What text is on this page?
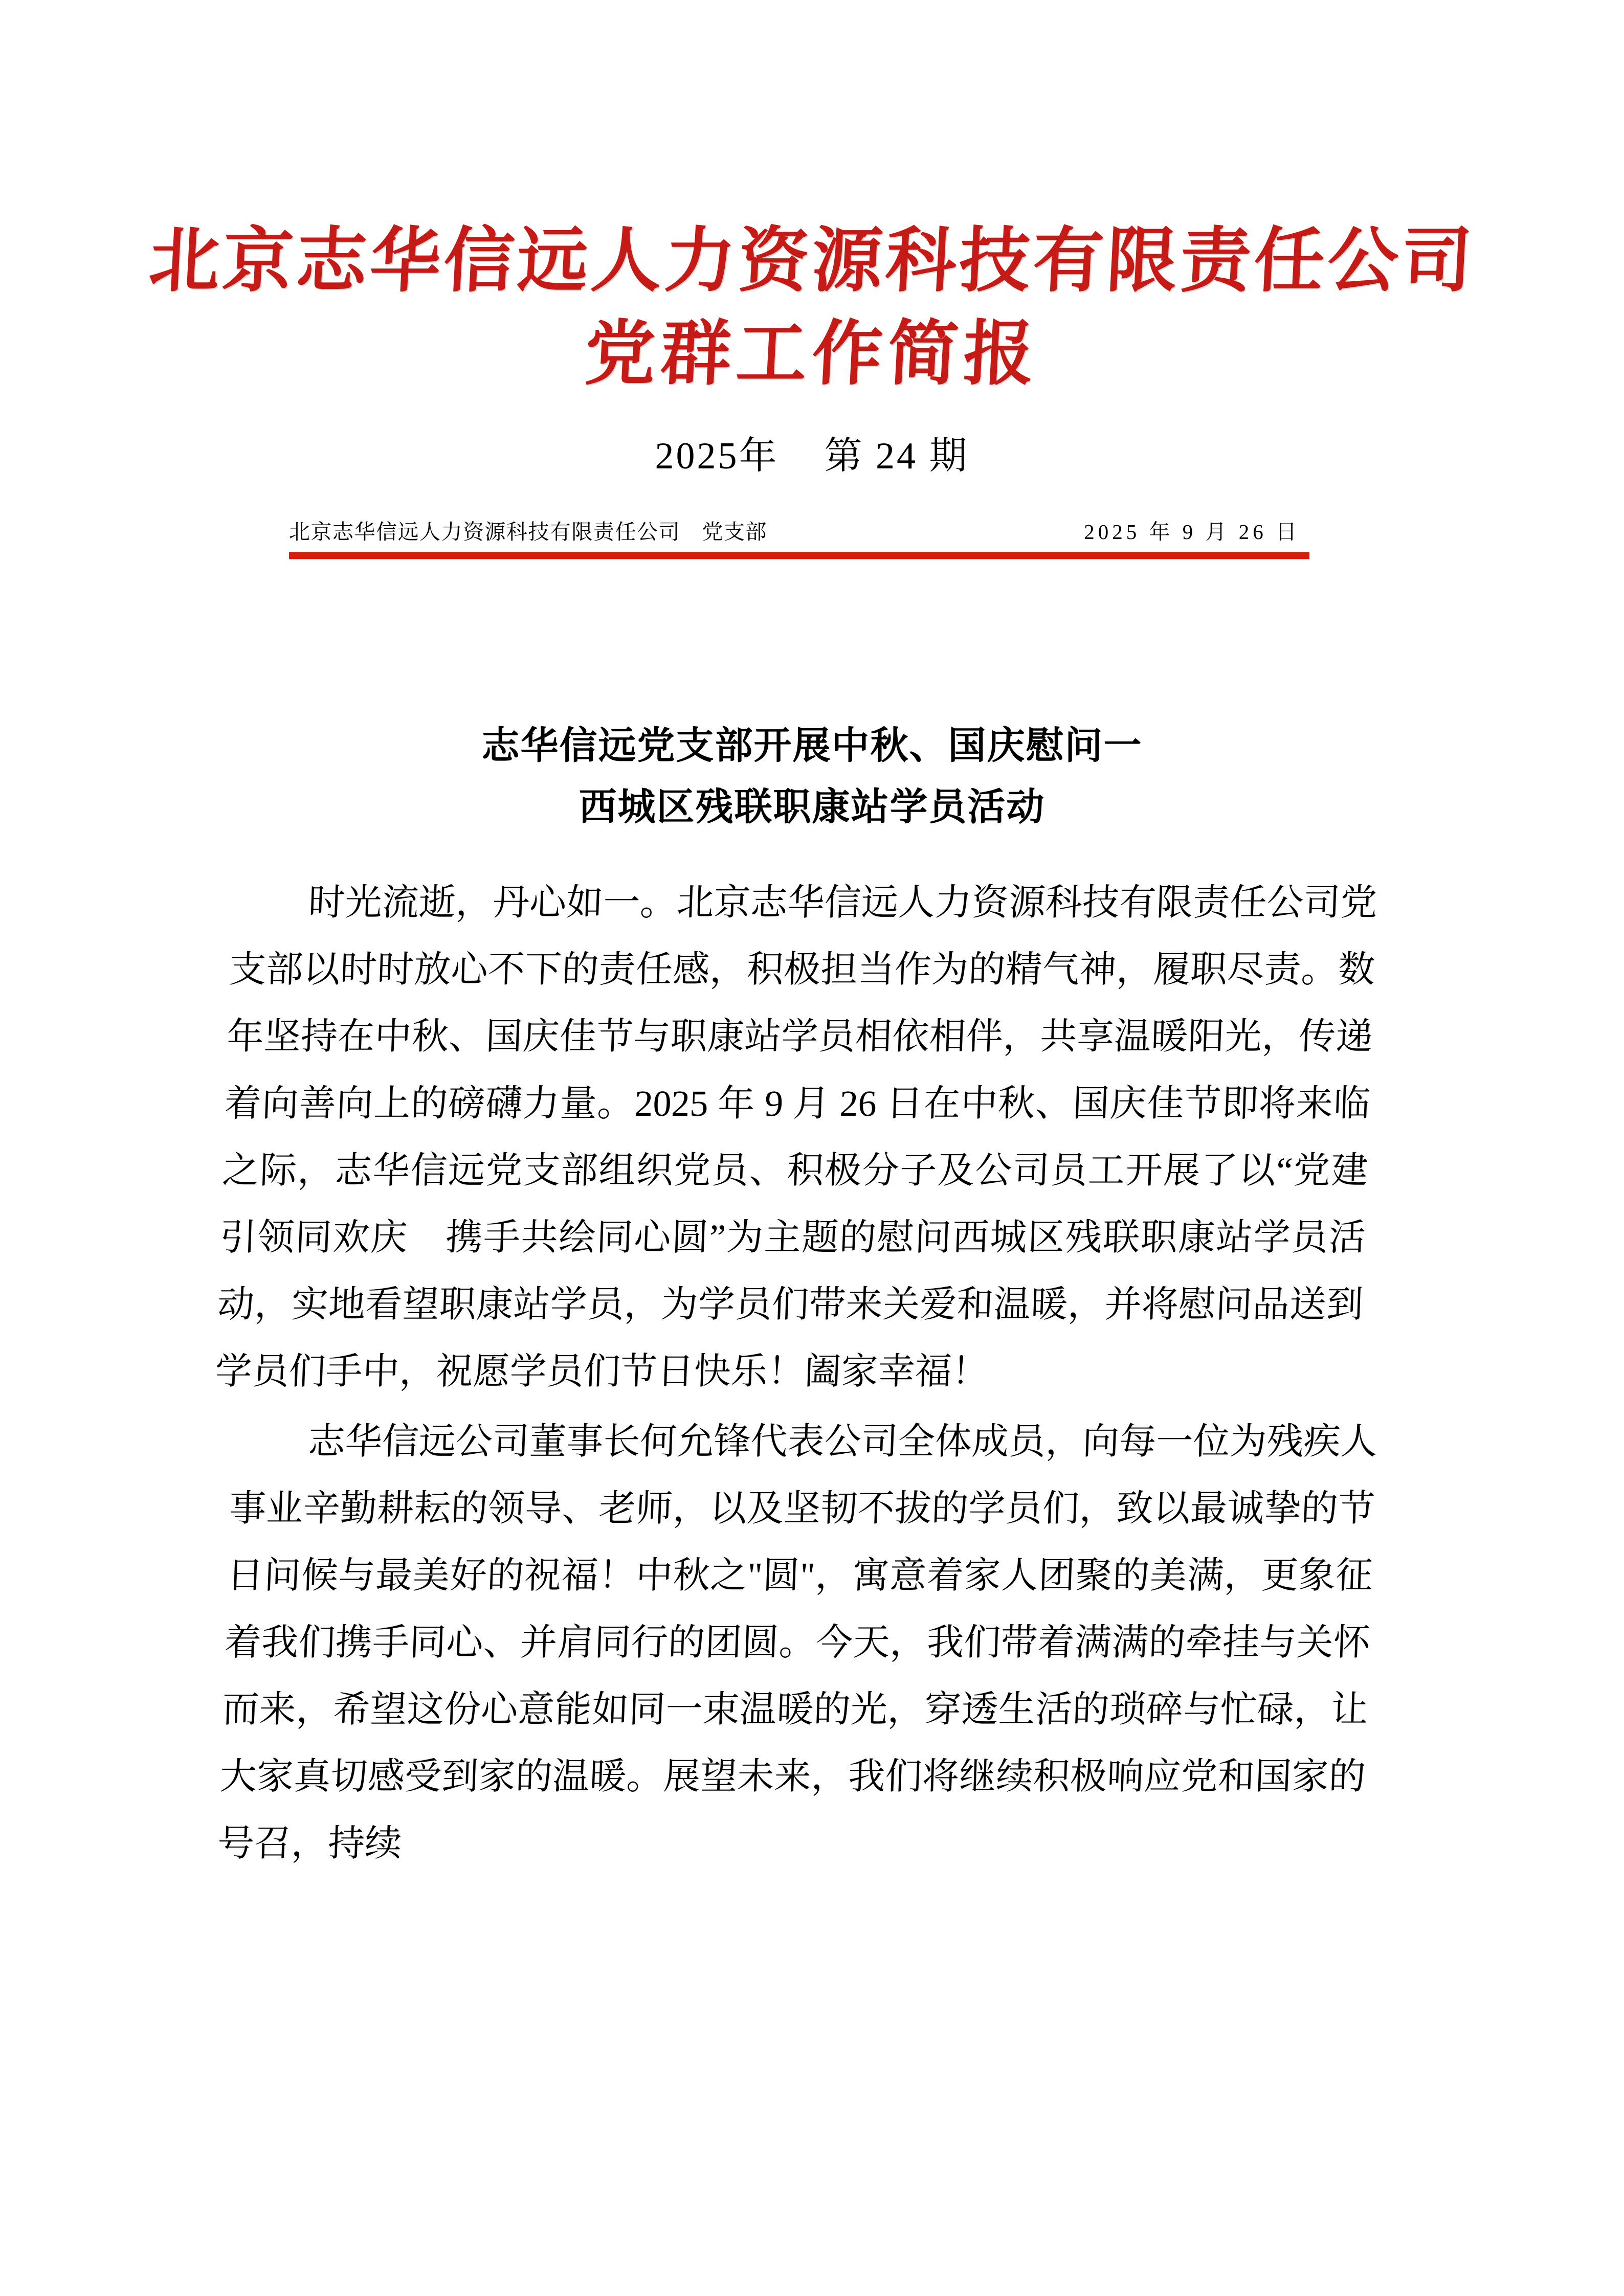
北京志华信远人力资源科技有限责任公司
党群工作简报
2025年 第 24 期
北京志华信远人力资源科技有限责任公司　党支部	2025 年 9 月 26 日
志华信远党支部开展中秋、国庆慰问一
西城区残联职康站学员活动

时光流逝，丹心如一。北京志华信远人力资源科技有限责任公司党支部以时时放心不下的责任感，积极担当作为的精气神，履职尽责。数年坚持在中秋、国庆佳节与职康站学员相依相伴，共享温暖阳光，传递着向善向上的磅礴力量。2025 年 9 月 26 日在中秋、国庆佳节即将来临之际，志华信远党支部组织党员、积极分子及公司员工开展了以“党建引领同欢庆　携手共绘同心圆”为主题的慰问西城区残联职康站学员活动，实地看望职康站学员，为学员们带来关爱和温暖，并将慰问品送到学员们手中，祝愿学员们节日快乐！阖家幸福！

志华信远公司董事长何允锋代表公司全体成员，向每一位为残疾人事业辛勤耕耘的领导、老师，以及坚韧不拔的学员们，致以最诚挚的节日问候与最美好的祝福！中秋之"圆"，寓意着家人团聚的美满，更象征着我们携手同心、并肩同行的团圆。今天，我们带着满满的牵挂与关怀而来，希望这份心意能如同一束温暖的光，穿透生活的琐碎与忙碌，让大家真切感受到家的温暖。展望未来，我们将继续积极响应党和国家的号召，持续
